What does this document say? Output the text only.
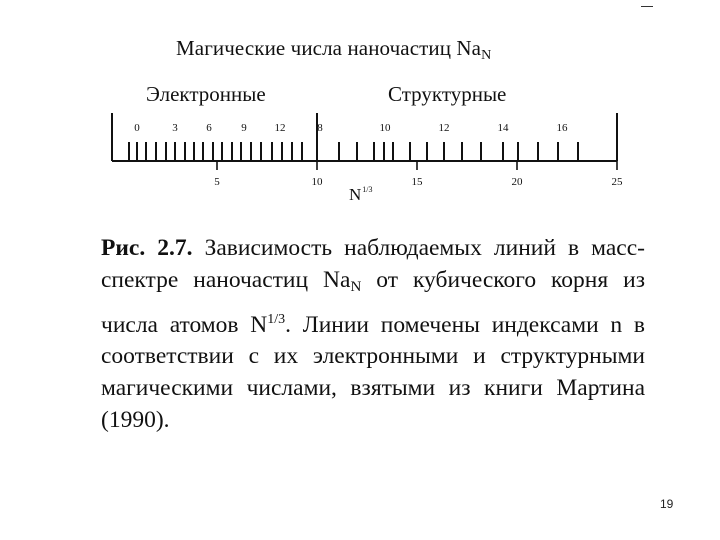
Магические числа наночастиц $Na_N$
Электронные	Структурные
0	3	6	9	12	8	10	12	14	16
5	10	15	20	25
$N^{1/3}$
Рис. 2.7. Зависимость наблюдаемых линий в масс-спектре наночастиц $Na_N$ от кубического корня из числа атомов $N^{1/3}$. Линии помечены индексами n в соответствии с их электронными и структурными магическими числами, взятыми из книги Мартина (1990).
19
